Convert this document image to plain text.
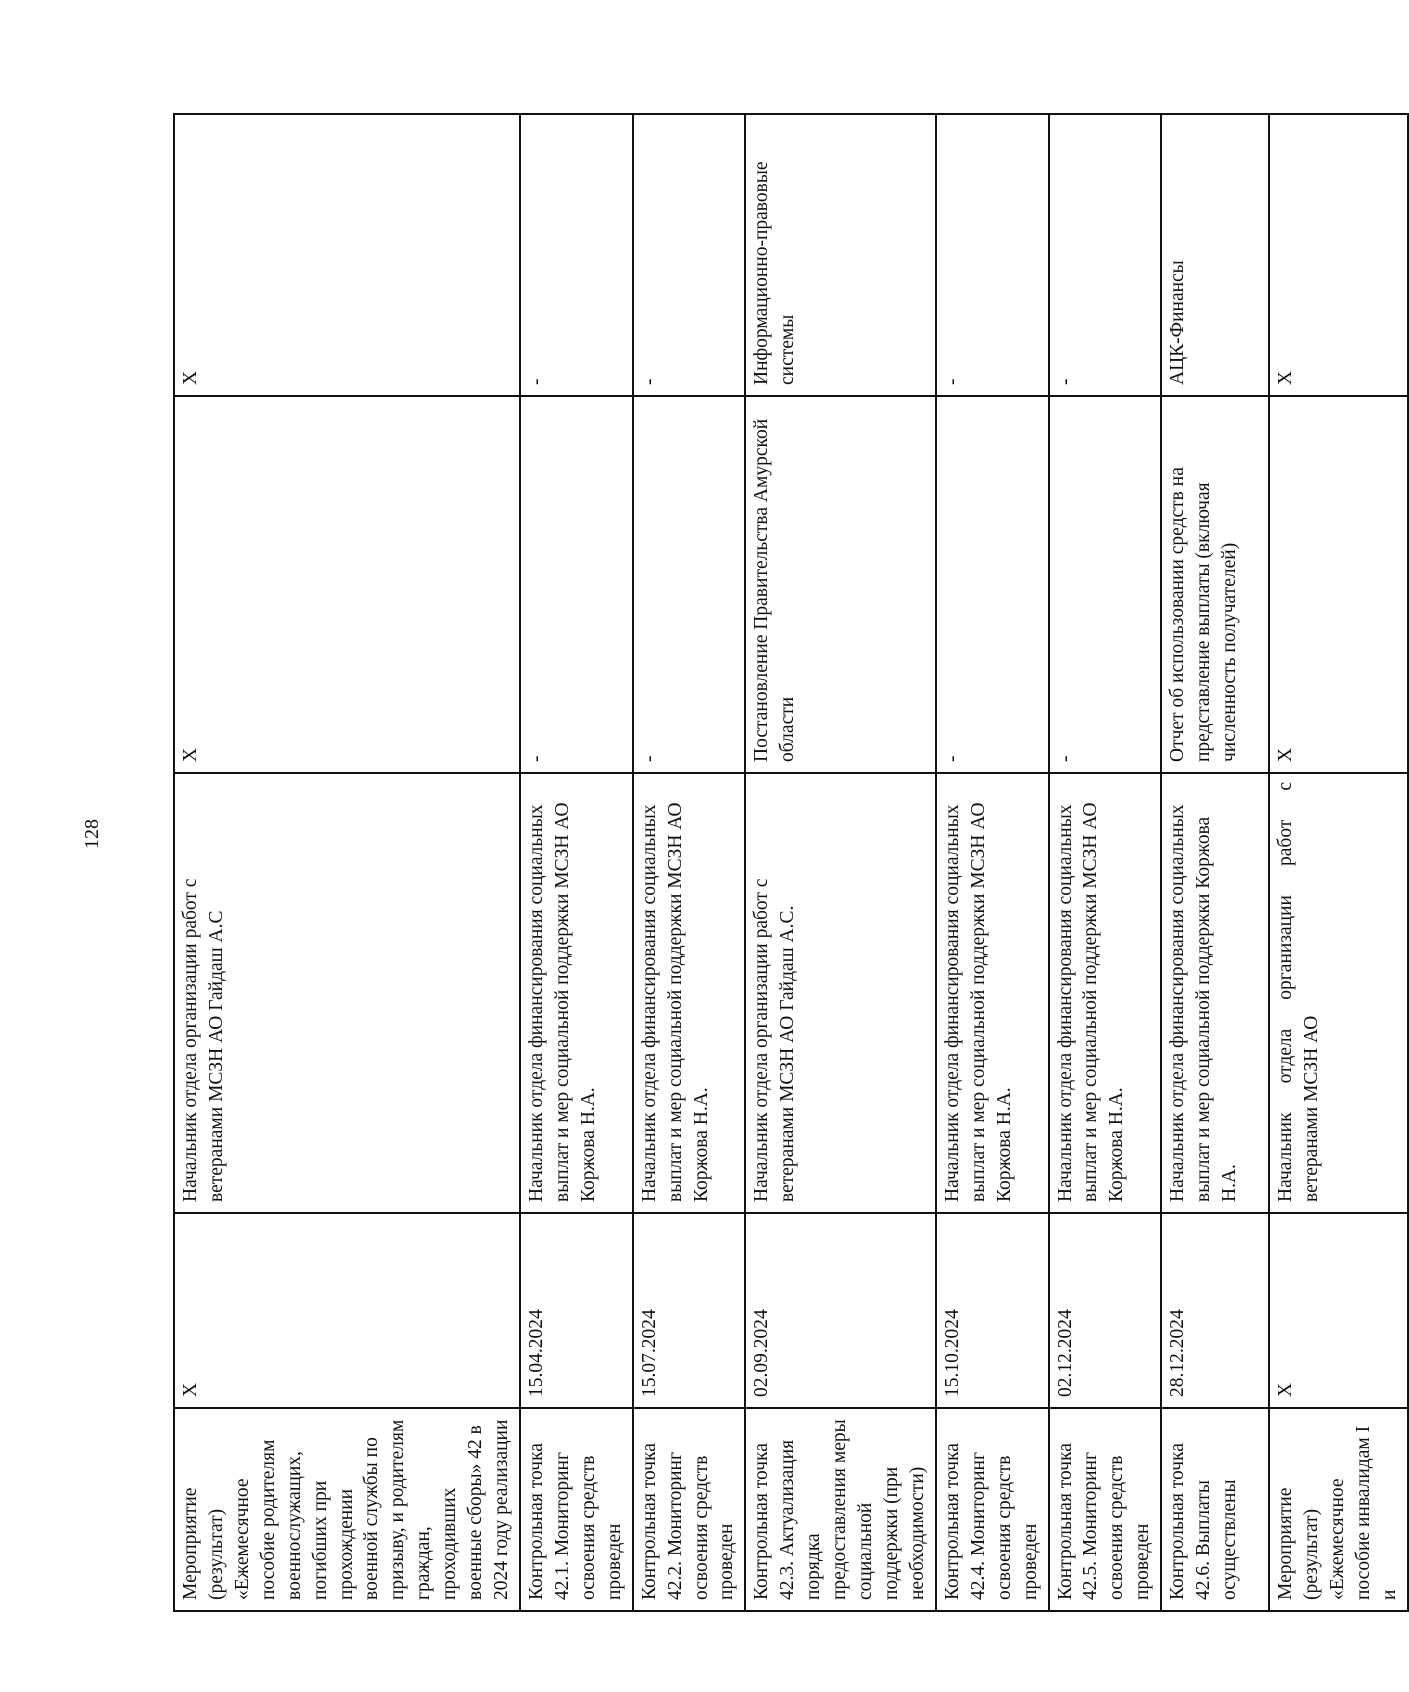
128
Мероприятие (результат) «Ежемесячное пособие родителям военнослужащих, погибших при прохождении военной службы по призыву, и родителям граждан, проходивших военные сборы» 42 в 2024 году реализации	X	Начальник отдела организации работ с ветеранами МСЗН АО Гайдаш А.С	X	X
Контрольная точка 42.1. Мониторинг освоения средств проведен	15.04.2024	Начальник отдела финансирования социальных выплат и мер социальной поддержки МСЗН АО Коржова Н.А.	-	-
Контрольная точка 42.2. Мониторинг освоения средств проведен	15.07.2024	Начальник отдела финансирования социальных выплат и мер социальной поддержки МСЗН АО Коржова Н.А.	-	-
Контрольная точка 42.3. Актуализация порядка предоставления меры социальной поддержки (при необходимости)	02.09.2024	Начальник отдела организации работ с ветеранами МСЗН АО Гайдаш А.С.	Постановление Правительства Амурской области	Информационно-правовые системы
Контрольная точка 42.4. Мониторинг освоения средств проведен	15.10.2024	Начальник отдела финансирования социальных выплат и мер социальной поддержки МСЗН АО Коржова Н.А.	-	-
Контрольная точка 42.5. Мониторинг освоения средств проведен	02.12.2024	Начальник отдела финансирования социальных выплат и мер социальной поддержки МСЗН АО Коржова Н.А.	-	-
Контрольная точка 42.6. Выплаты осуществлены	28.12.2024	Начальник отдела финансирования социальных выплат и мер социальной поддержки Коржова Н.А.	Отчет об использовании средств на представление выплаты (включая численность получателей)	АЦК-Финансы
Мероприятие (результат) «Ежемесячное пособие инвалидам I и	X	Начальник отдела организации работ с ветеранами МСЗН АО	X	X
